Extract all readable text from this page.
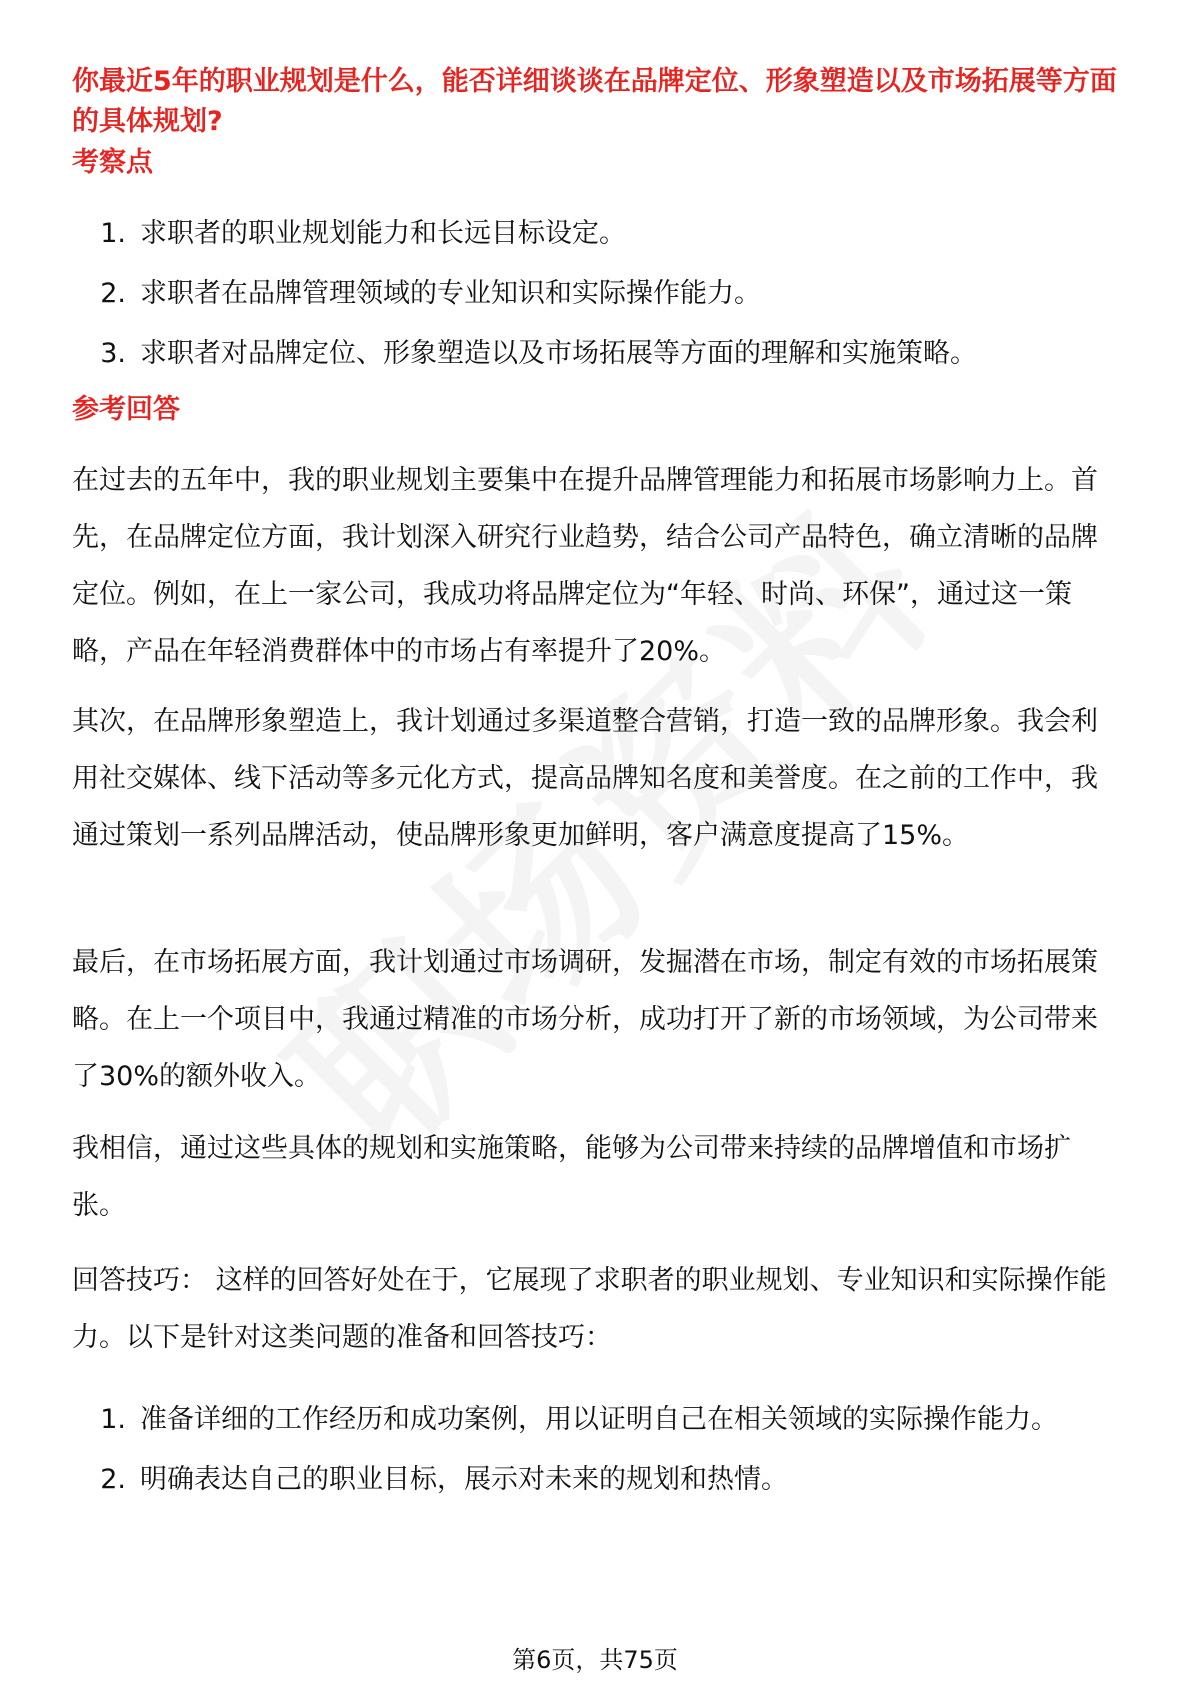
你最近5年的职业规划是什么，能否详细谈谈在品牌定位、形象塑造以及市场拓展等方面的具体规划?
考察点
1. 求职者的职业规划能力和长远目标设定。
2. 求职者在品牌管理领域的专业知识和实际操作能力。
3. 求职者对品牌定位、形象塑造以及市场拓展等方面的理解和实施策略。
参考回答

在过去的五年中，我的职业规划主要集中在提升品牌管理能力和拓展市场影响力上。首先，在品牌定位方面，我计划深入研究行业趋势，结合公司产品特色，确立清晰的品牌定位。例如，在上一家公司，我成功将品牌定位为“年轻、时尚、环保”，通过这一策略，产品在年轻消费群体中的市场占有率提升了20%。

其次，在品牌形象塑造上，我计划通过多渠道整合营销，打造一致的品牌形象。我会利用社交媒体、线下活动等多元化方式，提高品牌知名度和美誉度。在之前的工作中，我通过策划一系列品牌活动，使品牌形象更加鲜明，客户满意度提高了15%。

最后，在市场拓展方面，我计划通过市场调研，发掘潜在市场，制定有效的市场拓展策略。在上一个项目中，我通过精准的市场分析，成功打开了新的市场领域，为公司带来了30%的额外收入。

我相信，通过这些具体的规划和实施策略，能够为公司带来持续的品牌增值和市场扩张。

回答技巧： 这样的回答好处在于，它展现了求职者的职业规划、专业知识和实际操作能力。以下是针对这类问题的准备和回答技巧：

1. 准备详细的工作经历和成功案例，用以证明自己在相关领域的实际操作能力。
2. 明确表达自己的职业目标，展示对未来的规划和热情。
第6页，共75页
